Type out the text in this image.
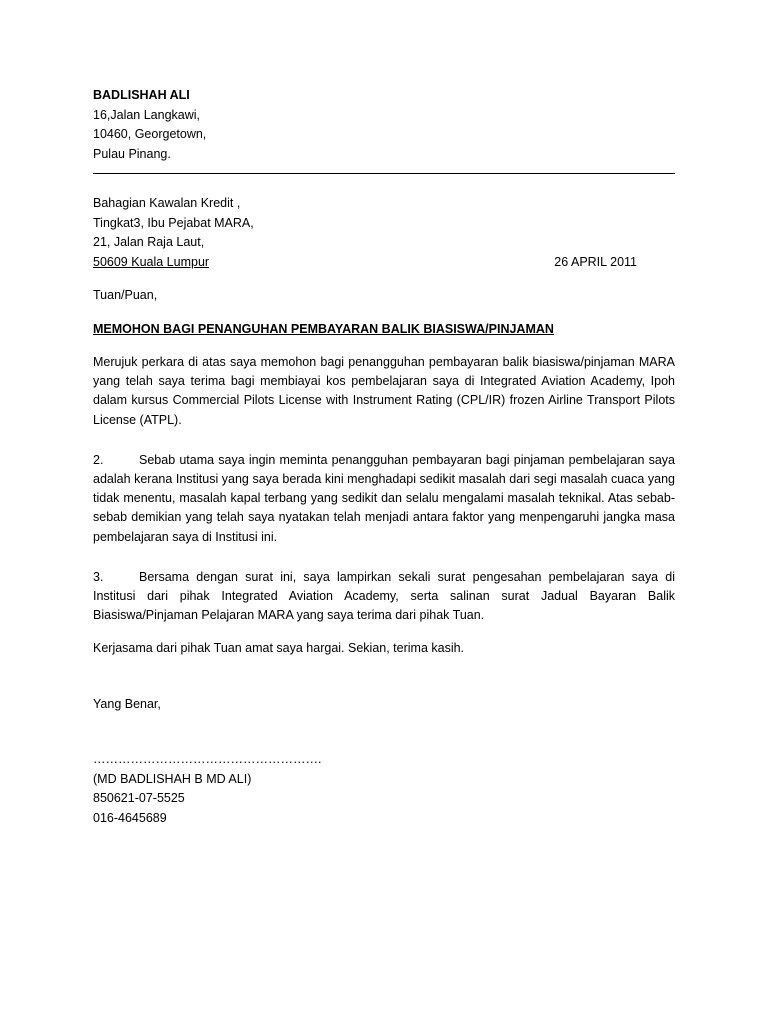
BADLISHAH ALI
16,Jalan Langkawi,
10460, Georgetown,
Pulau Pinang.
Bahagian Kawalan Kredit ,
Tingkat3, Ibu Pejabat MARA,
21, Jalan Raja Laut,
50609 Kuala Lumpur	26 APRIL 2011
Tuan/Puan,
MEMOHON BAGI PENANGUHAN PEMBAYARAN BALIK BIASISWA/PINJAMAN

Merujuk perkara di atas saya memohon bagi penangguhan pembayaran balik biasiswa/pinjaman MARA yang telah saya terima bagi membiayai kos pembelajaran saya di Integrated Aviation Academy, Ipoh dalam kursus Commercial Pilots License with Instrument Rating (CPL/IR) frozen Airline Transport Pilots License (ATPL).

2.	Sebab utama saya ingin meminta penangguhan pembayaran bagi pinjaman pembelajaran saya adalah kerana Institusi yang saya berada kini menghadapi sedikit masalah dari segi masalah cuaca yang tidak menentu, masalah kapal terbang yang sedikit dan selalu mengalami masalah teknikal. Atas sebab-sebab demikian yang telah saya nyatakan telah menjadi antara faktor yang menpengaruhi jangka masa pembelajaran saya di Institusi ini.

3.	Bersama dengan surat ini, saya lampirkan sekali surat pengesahan pembelajaran saya di Institusi dari pihak Integrated Aviation Academy, serta salinan surat Jadual Bayaran Balik Biasiswa/Pinjaman Pelajaran MARA yang saya terima dari pihak Tuan.

Kerjasama dari pihak Tuan amat saya hargai. Sekian, terima kasih.

Yang Benar,
……………………………………………….
(MD BADLISHAH B MD ALI)
850621-07-5525
016-4645689
